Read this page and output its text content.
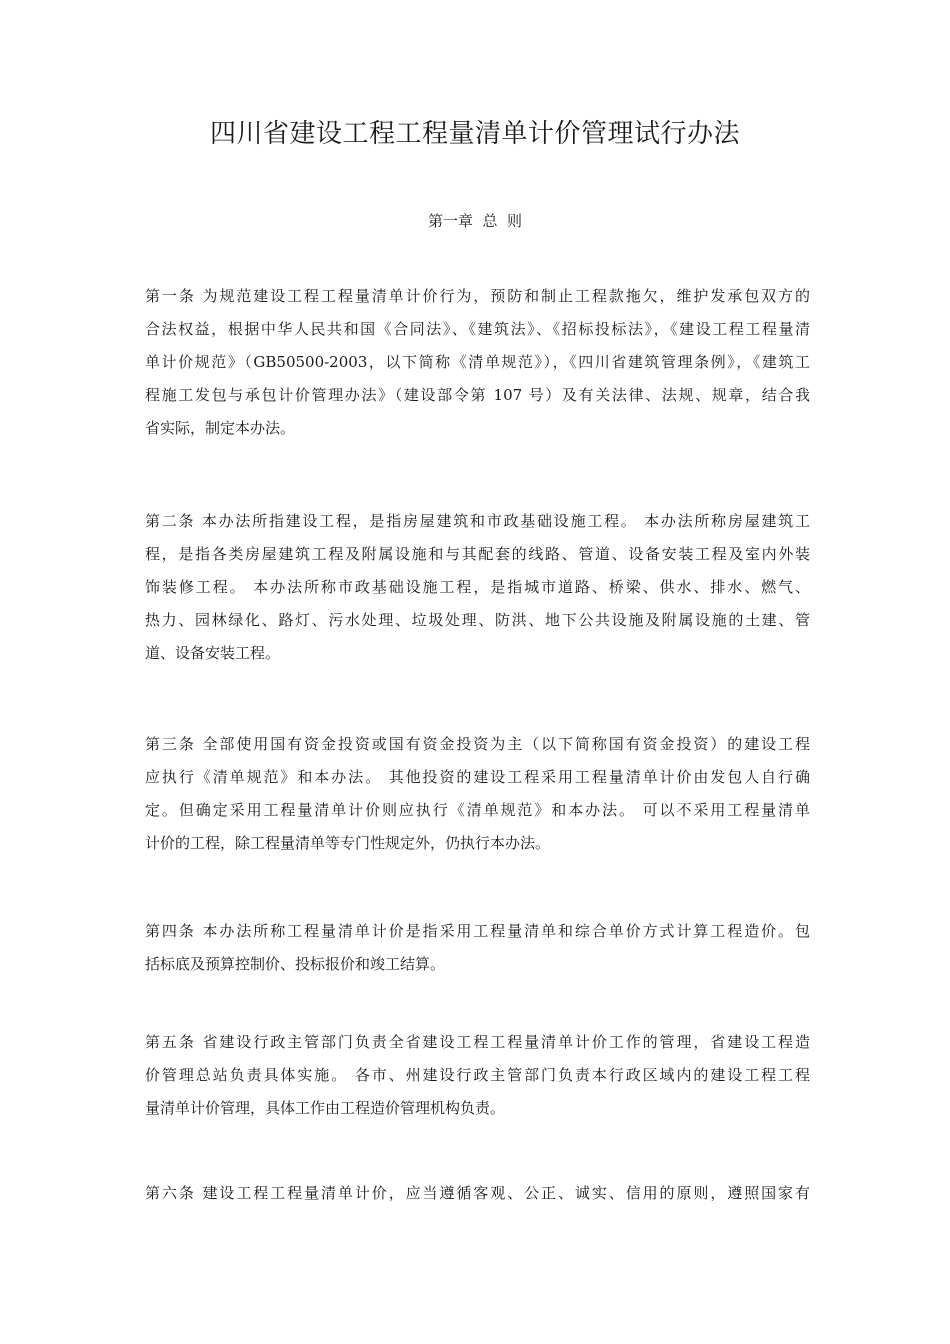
四川省建设工程工程量清单计价管理试行办法
第一章  总  则
第一条 为规范建设工程工程量清单计价行为，预防和制止工程款拖欠，维护发承包双方的
合法权益，根据中华人民共和国《合同法》、《建筑法》、《招标投标法》，《建设工程工程量清
单计价规范》（GB50500-2003，以下简称《清单规范》），《四川省建筑管理条例》，《建筑工
程施工发包与承包计价管理办法》（建设部令第 107 号）及有关法律、法规、规章，结合我
省实际，制定本办法。
第二条 本办法所指建设工程，是指房屋建筑和市政基础设施工程。 本办法所称房屋建筑工
程，是指各类房屋建筑工程及附属设施和与其配套的线路、管道、设备安装工程及室内外装
饰装修工程。 本办法所称市政基础设施工程，是指城市道路、桥梁、供水、排水、燃气、
热力、园林绿化、路灯、污水处理、垃圾处理、防洪、地下公共设施及附属设施的土建、管
道、设备安装工程。
第三条 全部使用国有资金投资或国有资金投资为主（以下简称国有资金投资）的建设工程
应执行《清单规范》和本办法。 其他投资的建设工程采用工程量清单计价由发包人自行确
定。但确定采用工程量清单计价则应执行《清单规范》和本办法。 可以不采用工程量清单
计价的工程，除工程量清单等专门性规定外，仍执行本办法。
第四条 本办法所称工程量清单计价是指采用工程量清单和综合单价方式计算工程造价。包
括标底及预算控制价、投标报价和竣工结算。
第五条 省建设行政主管部门负责全省建设工程工程量清单计价工作的管理，省建设工程造
价管理总站负责具体实施。 各市、州建设行政主管部门负责本行政区域内的建设工程工程
量清单计价管理，具体工作由工程造价管理机构负责。
第六条 建设工程工程量清单计价，应当遵循客观、公正、诚实、信用的原则，遵照国家有
